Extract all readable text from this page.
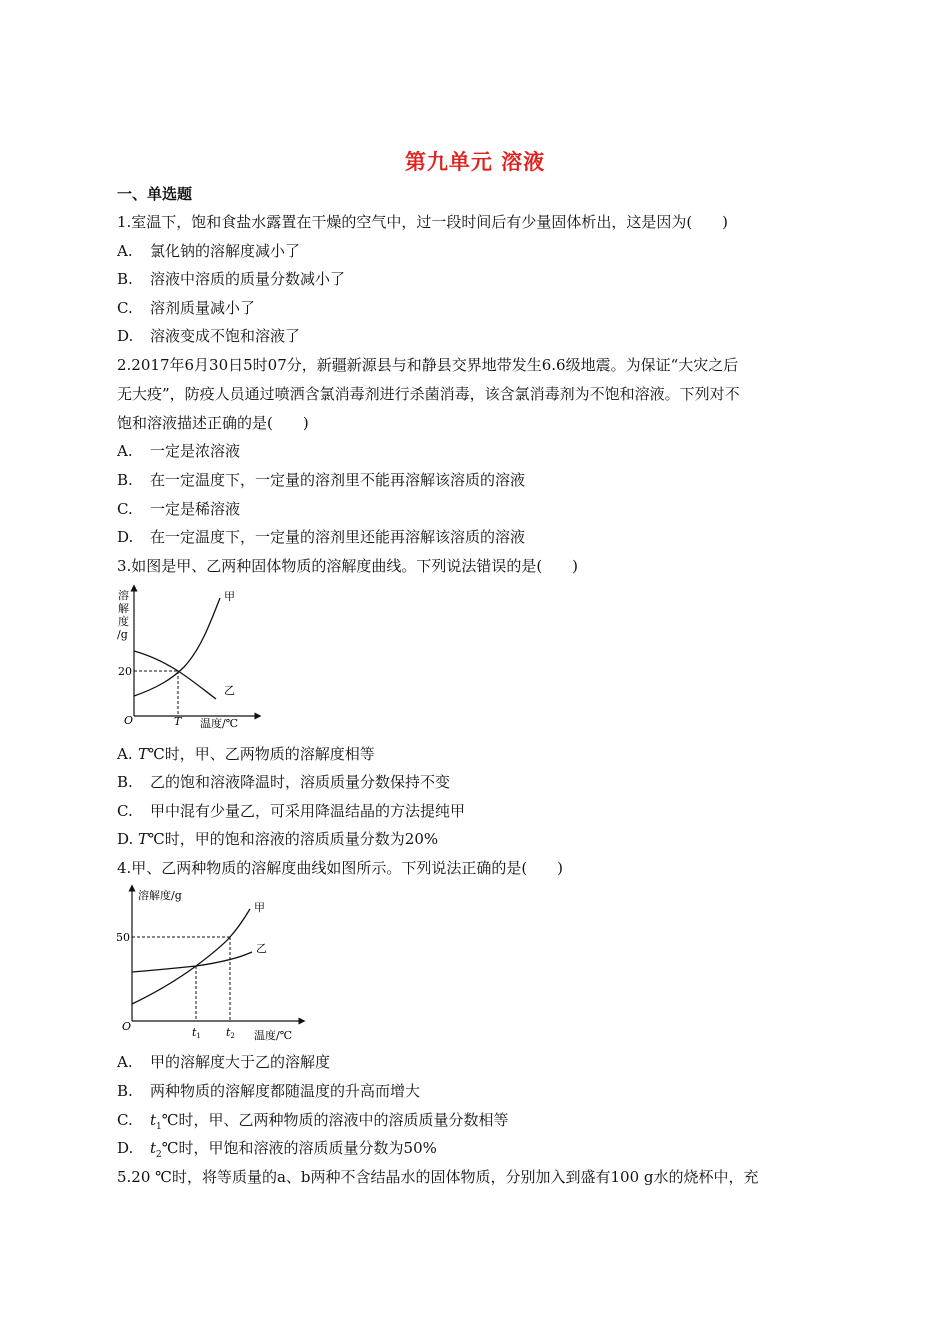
第九单元 溶液
一、单选题
1.室温下，饱和食盐水露置在干燥的空气中，过一段时间后有少量固体析出，这是因为(　　)
A. 氯化钠的溶解度减小了
B. 溶液中溶质的质量分数减小了
C. 溶剂质量减小了
D. 溶液变成不饱和溶液了
2.2017年6月30日5时07分，新疆新源县与和静县交界地带发生6.6级地震。为保证“大灾之后
无大疫”，防疫人员通过喷洒含氯消毒剂进行杀菌消毒，该含氯消毒剂为不饱和溶液。下列对不
饱和溶液描述正确的是(　　)
A. 一定是浓溶液
B. 在一定温度下，一定量的溶剂里不能再溶解该溶质的溶液
C. 一定是稀溶液
D. 在一定温度下，一定量的溶剂里还能再溶解该溶质的溶液
3.如图是甲、乙两种固体物质的溶解度曲线。下列说法错误的是(　　)
溶
解
度
/g
20
O	T 温度/℃
甲
乙
A. T℃时，甲、乙两物质的溶解度相等
B. 乙的饱和溶液降温时，溶质质量分数保持不变
C. 甲中混有少量乙，可采用降温结晶的方法提纯甲
D. T℃时，甲的饱和溶液的溶质质量分数为20%
4.甲、乙两种物质的溶解度曲线如图所示。下列说法正确的是(　　)
溶解度/g
50
O	t1 t2 温度/℃
甲
乙
A. 甲的溶解度大于乙的溶解度
B. 两种物质的溶解度都随温度的升高而增大
C. $t_1℃$时，甲、乙两种物质的溶液中的溶质质量分数相等
D. $t_2℃$时，甲饱和溶液的溶质质量分数为50%
5.20 ℃时，将等质量的a、b两种不含结晶水的固体物质，分别加入到盛有100 g水的烧杯中，充
